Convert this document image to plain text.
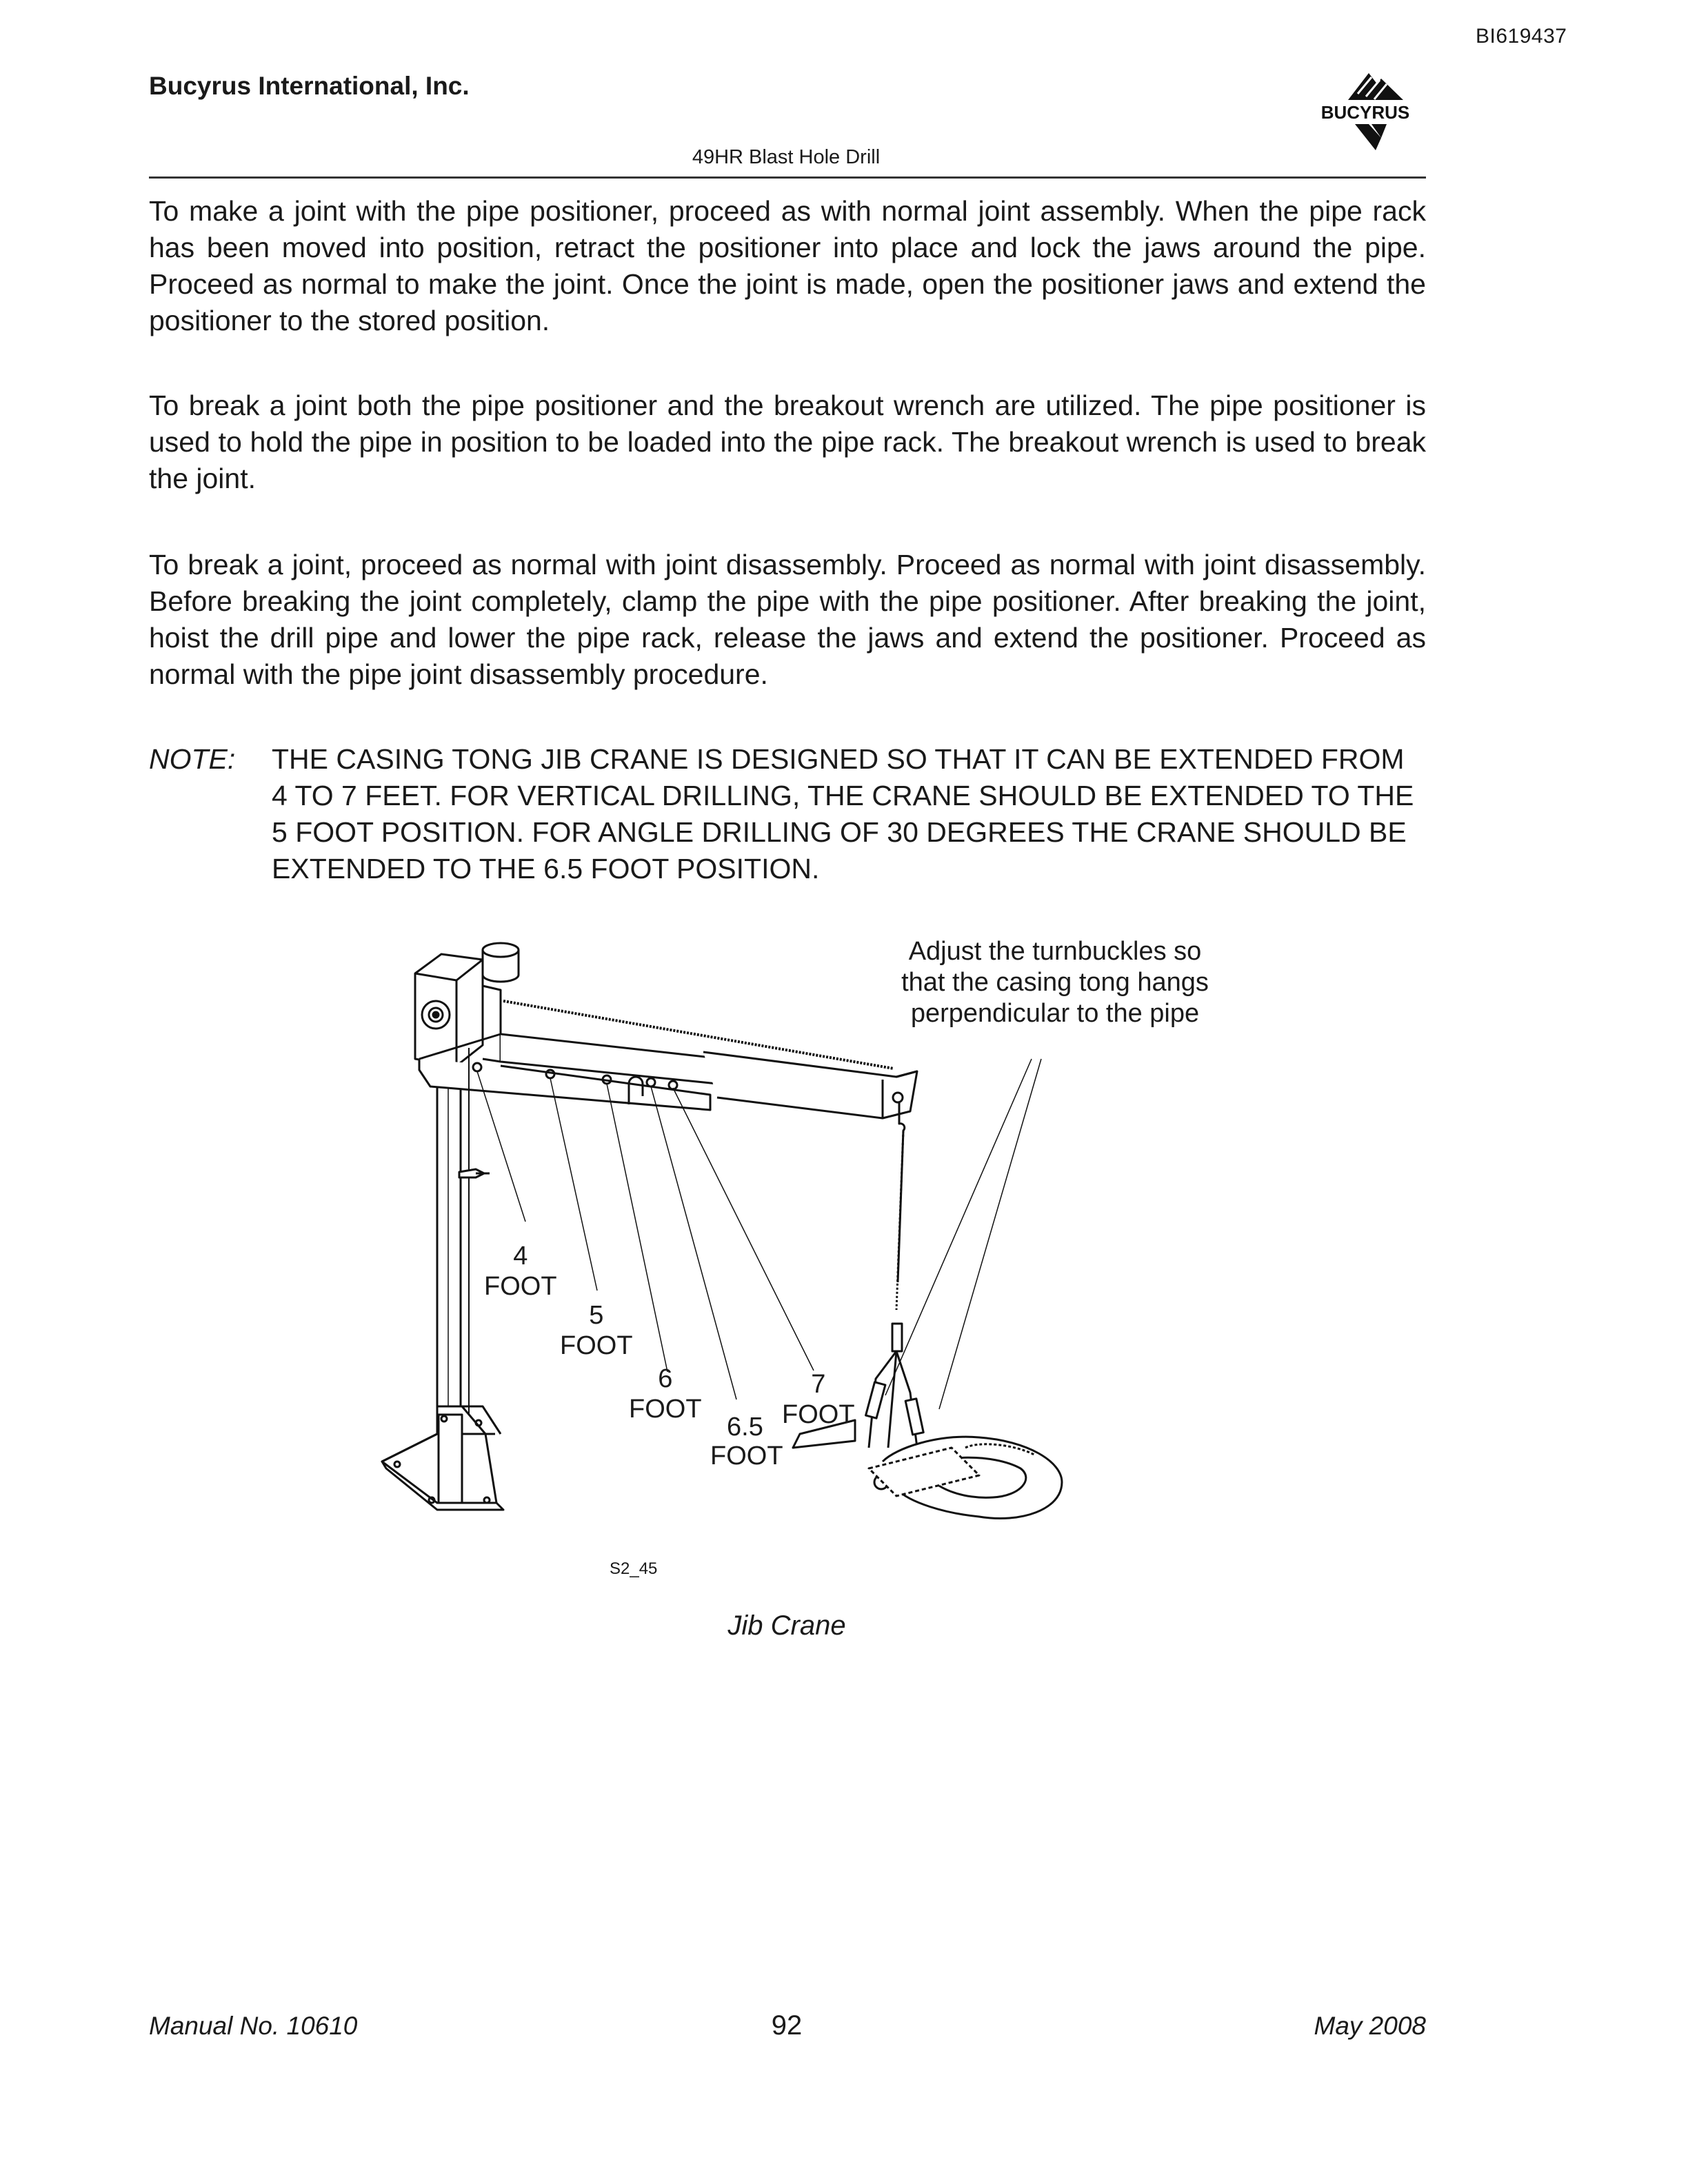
BI619437
Bucyrus International, Inc.
BUCYRUS
49HR Blast Hole Drill

To make a joint with the pipe positioner, proceed as with normal joint assembly. When the pipe rack has been moved into position, retract the positioner into place and lock the jaws around the pipe. Proceed as normal to make the joint. Once the joint is made, open the positioner jaws and extend the positioner to the stored position.

To break a joint both the pipe positioner and the breakout wrench are utilized. The pipe positioner is used to hold the pipe in position to be loaded into the pipe rack. The breakout wrench is used to break the joint.

To break a joint, proceed as normal with joint disassembly. Proceed as normal with joint disassembly. Before breaking the joint completely, clamp the pipe with the pipe positioner. After breaking the joint, hoist the drill pipe and lower the pipe rack, release the jaws and extend the positioner. Proceed as normal with the pipe joint disassembly procedure.

NOTE: THE CASING TONG JIB CRANE IS DESIGNED SO THAT IT CAN BE EXTENDED FROM 4 TO 7 FEET. FOR VERTICAL DRILLING, THE CRANE SHOULD BE EXTENDED TO THE 5 FOOT POSITION. FOR ANGLE DRILLING OF 30 DEGREES THE CRANE SHOULD BE EXTENDED TO THE 6.5 FOOT POSITION.
Adjust the turnbuckles so that the casing tong hangs perpendicular to the pipe
4
FOOT
5
FOOT
6
FOOT
6.5
FOOT
7
FOOT
S2_45
Jib Crane
Manual No. 10610	92	May 2008
